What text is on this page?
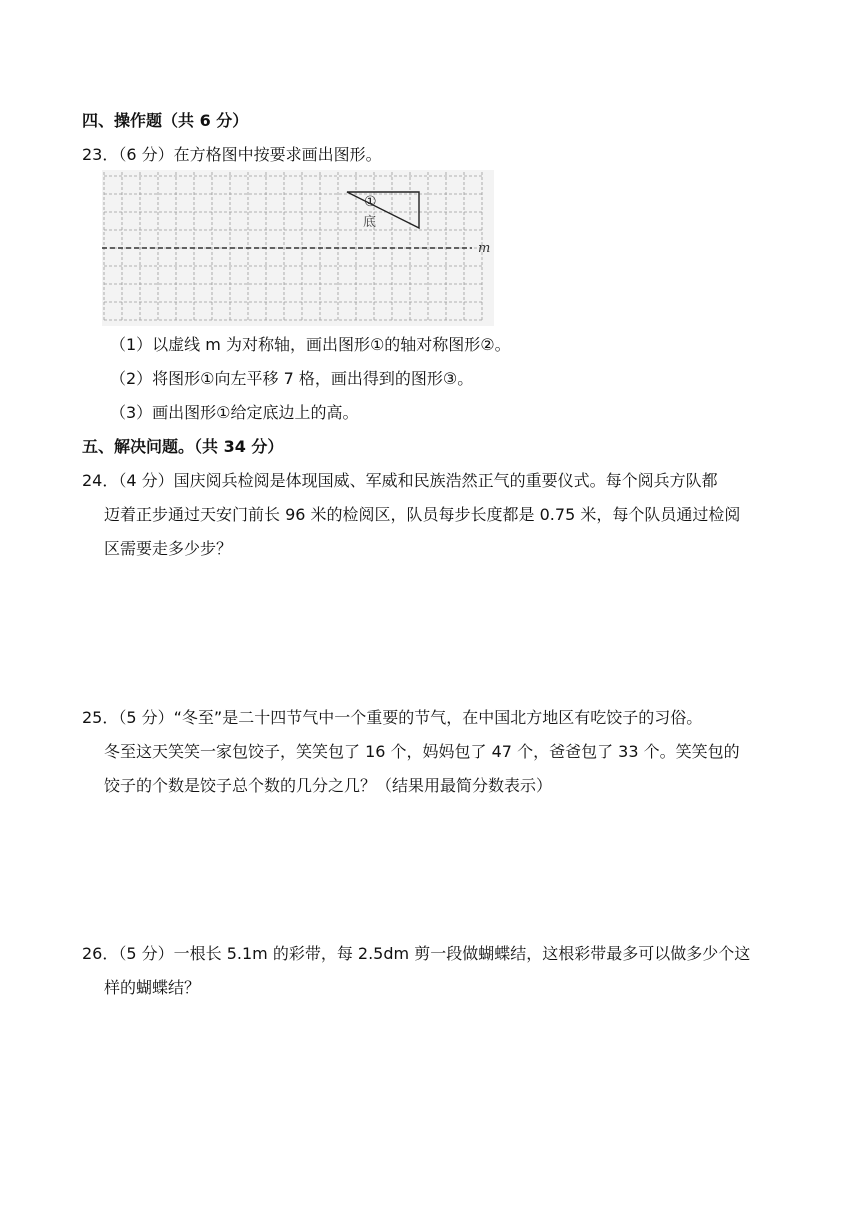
四、操作题（共 6 分）
23．（6 分）在方格图中按要求画出图形。
①
底
m
（1）以虚线 m 为对称轴，画出图形①的轴对称图形②。
（2）将图形①向左平移 7 格，画出得到的图形③。
（3）画出图形①给定底边上的高。
五、解决问题。（共 34 分）
24．（4 分）国庆阅兵检阅是体现国威、军威和民族浩然正气的重要仪式。每个阅兵方队都
迈着正步通过天安门前长 96 米的检阅区，队员每步长度都是 0.75 米，每个队员通过检阅
区需要走多少步？
25．（5 分）“冬至”是二十四节气中一个重要的节气，在中国北方地区有吃饺子的习俗。
冬至这天笑笑一家包饺子，笑笑包了 16 个，妈妈包了 47 个，爸爸包了 33 个。笑笑包的
饺子的个数是饺子总个数的几分之几？（结果用最简分数表示）
26．（5 分）一根长 5.1m 的彩带，每 2.5dm 剪一段做蝴蝶结，这根彩带最多可以做多少个这
样的蝴蝶结？
